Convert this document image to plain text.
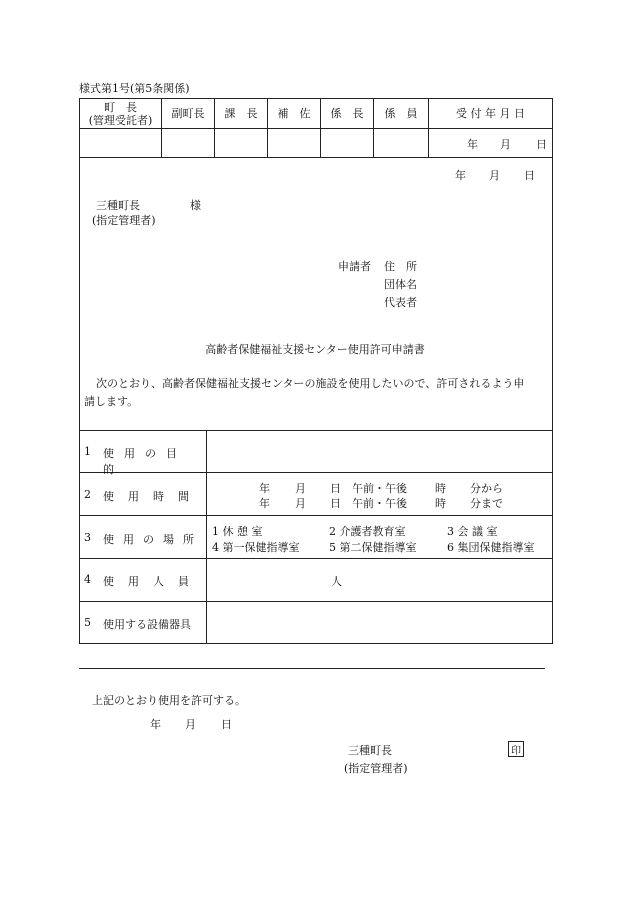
様式第1号(第5条関係)
町　長
(管理受託者)	副町長	課　長	補　佐	係　長	係　員	受 付 年 月 日
年 月 日
年 月 日
三種町長	様
(指定管理者)
申請者 住　所
団体名
代表者
高齢者保健福祉支援センター使用許可申請書
次のとおり、高齢者保健福祉支援センターの施設を使用したいので、許可されるよう申
請します。
1 使用の目的
2 使用時間
年 月 日 午前・午後	時 分から
年 月 日 午前・午後	時 分まで
3 使用の場所
1 休 憩 室	2 介護者教育室	3 会 議 室
4 第一保健指導室	5 第二保健指導室	6 集団保健指導室
4 使用人員	人
5 使用する設備器具
上記のとおり使用を許可する。
年 月 日
三種町長	印
(指定管理者)
